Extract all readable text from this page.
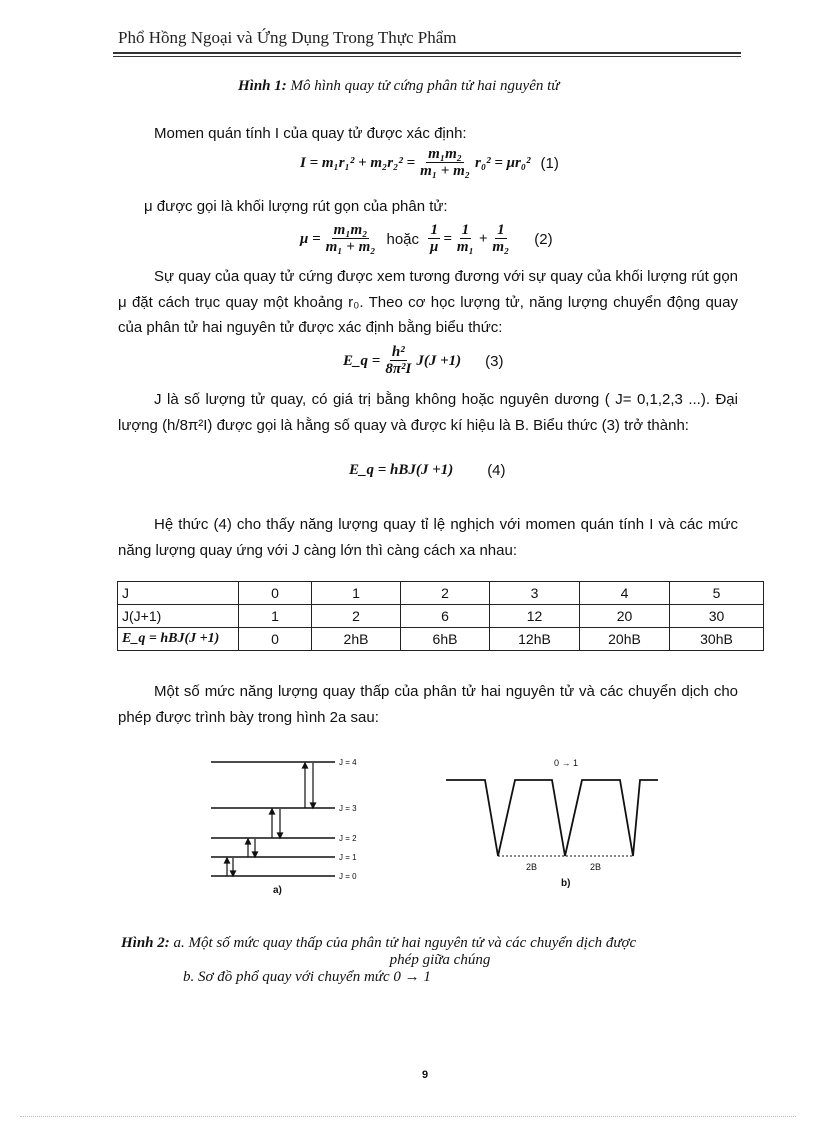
Phổ Hồng Ngoại và Ứng Dụng Trong Thực Phẩm
Hình 1: Mô hình quay tử cứng phân tử hai nguyên tử
Momen quán tính I của quay tử được xác định:
$I = m_1r_1^2 + m_2r_2^2 = \frac{\text{m₁m₂}}{\text{m₁ + m₂}} r_0^2 = \mu r_0^2$ (1)
μ được gọi là khối lượng rút gọn của phân tử:
$\mu = \frac{\text{m₁m₂}}{\text{m₁ + m₂}}$ hoặc $\frac{1}{\mu} = \frac{1}{\text{m₁}} + \frac{1}{\text{m₂}} (2)$
Sự quay của quay tử cứng được xem tương đương với sự quay của khối lượng rút gọn μ đặt cách trục quay một khoảng r₀. Theo cơ học lượng tử, năng lượng chuyển động quay của phân tử hai nguyên tử được xác định bằng biểu thức:
E_q = $\frac{\text{h²}}{\text{8π²I}} J(J +1)$ (3)
J là số lượng tử quay, có giá trị bằng không hoặc nguyên dương ( J= 0,1,2,3 ...). Đại lượng (h/8π²I) được gọi là hằng số quay và được kí hiệu là B. Biểu thức (3) trở thành:
E_q = hBJ(J +1) (4)
Hệ thức (4) cho thấy năng lượng quay tỉ lệ nghịch với momen quán tính I và các mức năng lượng quay ứng với J càng lớn thì càng cách xa nhau:
J	0	1	2	3	4	5
J(J+1)	1	2	6	12	20	30
E_q = hBJ(J +1)	0	2hB	6hB	12hB	20hB	30hB
Một số mức năng lượng quay thấp của phân tử hai nguyên tử và các chuyển dịch cho phép được trình bày trong hình 2a sau:
J = 4
J = 3
J = 2
J = 1
J = 0
a)
0 → 1
2B	2B
b)
Hình 2: a. Một số mức quay thấp của phân tử hai nguyên tử và các chuyển dịch được
phép giữa chúng
b. Sơ đồ phổ quay với chuyển mức 0 → 1
9
